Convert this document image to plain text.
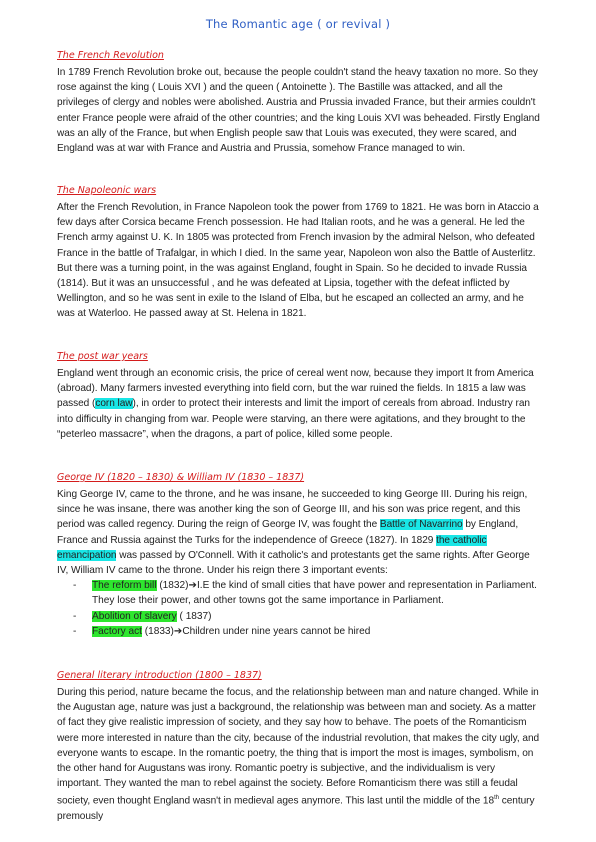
The Romantic age ( or revival )
The French Revolution

In 1789 French Revolution broke out, because the people couldn't stand the heavy taxation no more. So they rose against the king ( Louis XVI ) and the queen ( Antoinette ). The Bastille was attacked, and all the privileges of clergy and nobles were abolished. Austria and Prussia invaded France, but their armies couldn't enter France people were afraid of the other countries; and the king Louis XVI was beheaded. Firstly England was an ally of the France, but when English people saw that Louis was executed, they were scared, and England was at war with France and Austria and Prussia, somehow France managed to win.

The Napoleonic wars

After the French Revolution, in France Napoleon took the power from 1769 to 1821. He was born in Ataccio a few days after Corsica became French possession. He had Italian roots, and he was a general. He led the French army against U. K. In 1805 was protected from French invasion by the admiral Nelson, who defeated France in the battle of Trafalgar, in which I died. In the same year, Napoleon won also the Battle of Austerlitz. But there was a turning point, in the was against England, fought in Spain. So he decided to invade Russia (1814). But it was an unsuccessful , and he was defeated at Lipsia, together with the defeat inflicted by Wellington, and so he was sent in exile to the Island of Elba, but he escaped an collected an army, and he was at Waterloo. He passed away at St. Helena in 1821.

The post war years

England went through an economic crisis, the price of cereal went now, because they import It from America (abroad). Many farmers invested everything into field corn, but the war ruined the fields. In 1815 a law was passed (corn law), in order to protect their interests and limit the import of cereals from abroad. Industry ran into difficulty in changing from war. People were starving, an there were agitations, and they brought to the “peterleo massacre”, when the dragons, a part of police, killed some people.

George IV (1820 – 1830) & William IV (1830 – 1837)

King George IV, came to the throne, and he was insane, he succeeded to king George III. During his reign, since he was insane, there was another king the son of George III, and his son was price regent, and this period was called regency. During the reign of George IV, was fought the Battle of Navarrino by England, France and Russia against the Turks for the independence of Greece (1827). In 1829 the catholic emancipation was passed by O'Connell. With it catholic's and protestants get the same rights. After George IV, William IV came to the throne. Under his reign there 3 important events:

- The reform bill (1832)➔I.E the kind of small cities that have power and representation in Parliament. They lose their power, and other towns got the same importance in Parliament.
- Abolition of slavery ( 1837)
- Factory act (1833)➔Children under nine years cannot be hired
General literary introduction (1800 – 1837)

During this period, nature became the focus, and the relationship between man and nature changed. While in the Augustan age, nature was just a background, the relationship was between man and society. As a matter of fact they give realistic impression of society, and they say how to behave. The poets of the Romanticism were more interested in nature than the city, because of the industrial revolution, that makes the city ugly, and everyone wants to escape. In the romantic poetry, the thing that is import the most is images, symbolism, on the other hand for Augustans was irony. Romantic poetry is subjective, and the individualism is very important. They wanted the man to rebel against the society. Before Romanticism there was still a feudal society, even thought England wasn't in medieval ages anymore. This last until the middle of the 18th century premously
